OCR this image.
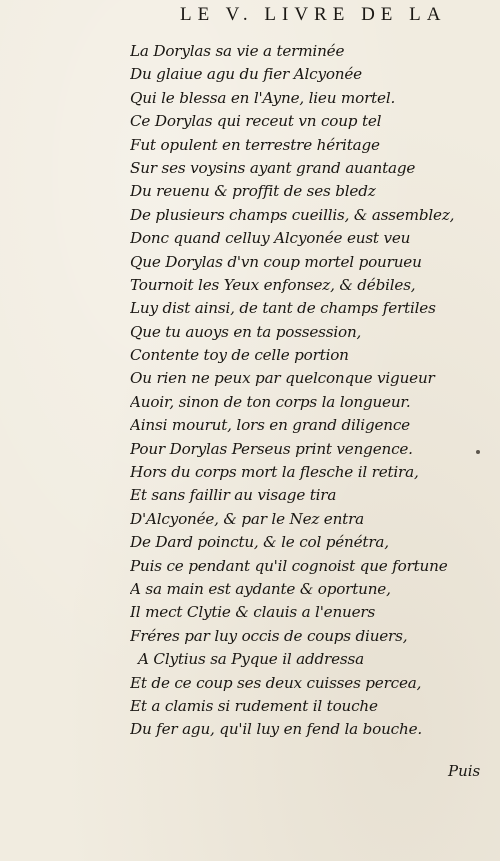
LE V. LIVRE DE LA
La Dorylas sa vie a terminée
Du glaiue agu du fier Alcyonée
Qui le blessa en l'Ayne, lieu mortel.
Ce Dorylas qui receut vn coup tel
Fut opulent en terrestre héritage
Sur ses voysins ayant grand auantage
Du reuenu & proffit de ses bledz
De plusieurs champs cueillis, & assemblez,
Donc quand celluy Alcyonée eust veu
Que Dorylas d'vn coup mortel pourueu
Tournoit les Yeux enfonsez, & débiles,
Luy dist ainsi, de tant de champs fertiles
Que tu auoys en ta possession,
Contente toy de celle portion
Ou rien ne peux par quelconque vigueur
Auoir, sinon de ton corps la longueur.
Ainsi mourut, lors en grand diligence
Pour Dorylas Perseus print vengence.
Hors du corps mort la flesche il retira,
Et sans faillir au visage tira
D'Alcyonée, & par le Nez entra
De Dard poinctu, & le col pénétra,
Puis ce pendant qu'il cognoist que fortune
A sa main est aydante & oportune,
Il mect Clytie & clauis a l'enuers
Fréres par luy occis de coups diuers,
A Clytius sa Pyque il addressa
Et de ce coup ses deux cuisses percea,
Et a clamis si rudement il touche
Du fer agu, qu'il luy en fend la bouche.
Puis
